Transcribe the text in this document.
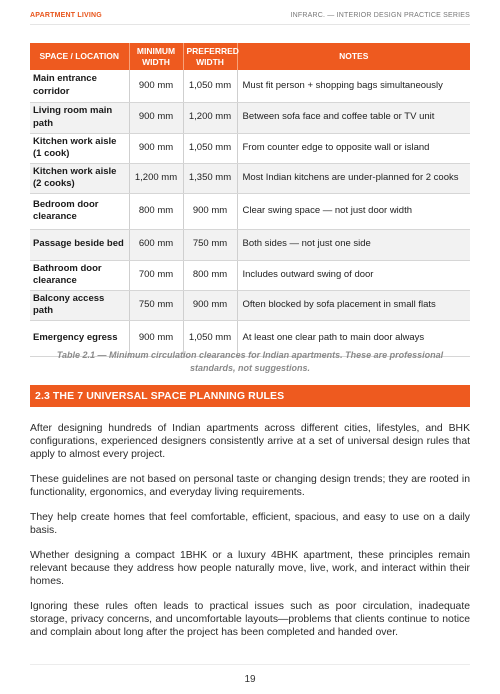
APARTMENT LIVING	INFRARC. — INTERIOR DESIGN PRACTICE SERIES
SPACE / LOCATION	MINIMUM WIDTH	PREFERRED WIDTH	NOTES
Main entrance corridor	900 mm	1,050 mm	Must fit person + shopping bags simultaneously
Living room main path	900 mm	1,200 mm	Between sofa face and coffee table or TV unit
Kitchen work aisle (1 cook)	900 mm	1,050 mm	From counter edge to opposite wall or island
Kitchen work aisle (2 cooks)	1,200 mm	1,350 mm	Most Indian kitchens are under-planned for 2 cooks
Bedroom door clearance	800 mm	900 mm	Clear swing space — not just door width
Passage beside bed	600 mm	750 mm	Both sides — not just one side
Bathroom door clearance	700 mm	800 mm	Includes outward swing of door
Balcony access path	750 mm	900 mm	Often blocked by sofa placement in small flats
Emergency egress	900 mm	1,050 mm	At least one clear path to main door always

Table 2.1 — Minimum circulation clearances for Indian apartments. These are professional standards, not suggestions.

2.3 THE 7 UNIVERSAL SPACE PLANNING RULES

After designing hundreds of Indian apartments across different cities, lifestyles, and BHK configurations, experienced designers consistently arrive at a set of universal design rules that apply to almost every project.

These guidelines are not based on personal taste or changing design trends; they are rooted in functionality, ergonomics, and everyday living requirements.

They help create homes that feel comfortable, efficient, spacious, and easy to use on a daily basis.

Whether designing a compact 1BHK or a luxury 4BHK apartment, these principles remain relevant because they address how people naturally move, live, work, and interact within their homes.

Ignoring these rules often leads to practical issues such as poor circulation, inadequate storage, privacy concerns, and uncomfortable layouts—problems that clients continue to notice and complain about long after the project has been completed and handed over.

19
